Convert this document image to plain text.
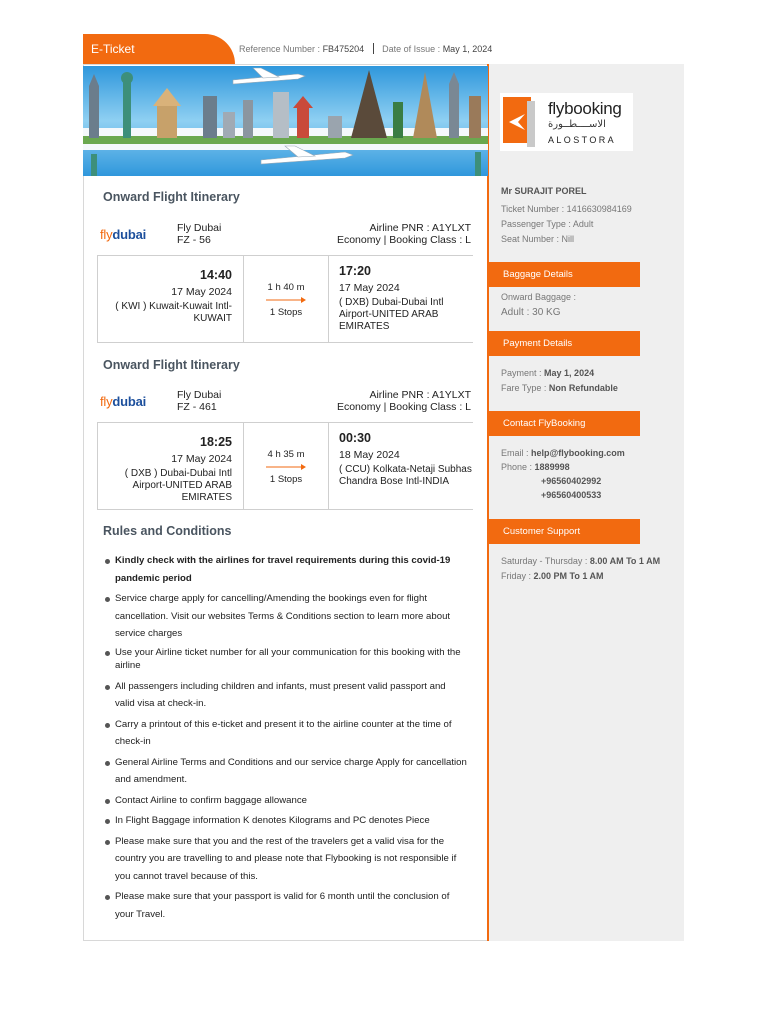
E-Ticket	Reference Number : FB475204 Date of Issue : May 1, 2024
flybooking
الاســــطــورة
ALOSTORA
Mr SURAJIT POREL
Ticket Number : 1416630984169
Passenger Type : Adult
Seat Number : Nill
Baggage Details
Onward Baggage :
Adult : 30 KG
Payment Details
Payment : May 1, 2024
Fare Type : Non Refundable
Contact FlyBooking
Email : help@flybooking.com
Phone : 1889998
+96560402992
+96560400533
Customer Support
Saturday - Thursday : 8.00 AM To 1 AM
Friday : 2.00 PM To 1 AM
Onward Flight Itinerary
flydubai	Fly Dubai
FZ - 56
Airline PNR : A1YLXT
Economy | Booking Class : L
14:40
17 May 2024
( KWI ) Kuwait-Kuwait Intl-KUWAIT
1 h 40 m
1 Stops
17:20
17 May 2024
( DXB) Dubai-Dubai Intl Airport-UNITED ARAB EMIRATES
Onward Flight Itinerary
flydubai	Fly Dubai
FZ - 461
Airline PNR : A1YLXT
Economy | Booking Class : L
18:25
17 May 2024
( DXB ) Dubai-Dubai Intl Airport-UNITED ARAB EMIRATES
4 h 35 m
1 Stops
00:30
18 May 2024
( CCU) Kolkata-Netaji Subhas Chandra Bose Intl-INDIA
Rules and Conditions
Kindly check with the airlines for travel requirements during this covid-19 pandemic period
Service charge apply for cancelling/Amending the bookings even for flight cancellation. Visit our websites Terms & Conditions section to learn more about service charges
Use your Airline ticket number for all your communication for this booking with the airline
All passengers including children and infants, must present valid passport and valid visa at check-in.
Carry a printout of this e-ticket and present it to the airline counter at the time of check-in
General Airline Terms and Conditions and our service charge Apply for cancellation and amendment.
Contact Airline to confirm baggage allowance
In Flight Baggage information K denotes Kilograms and PC denotes Piece
Please make sure that you and the rest of the travelers get a valid visa for the country you are travelling to and please note that Flybooking is not responsible if you cannot travel because of this.
Please make sure that your passport is valid for 6 month until the conclusion of your Travel.
